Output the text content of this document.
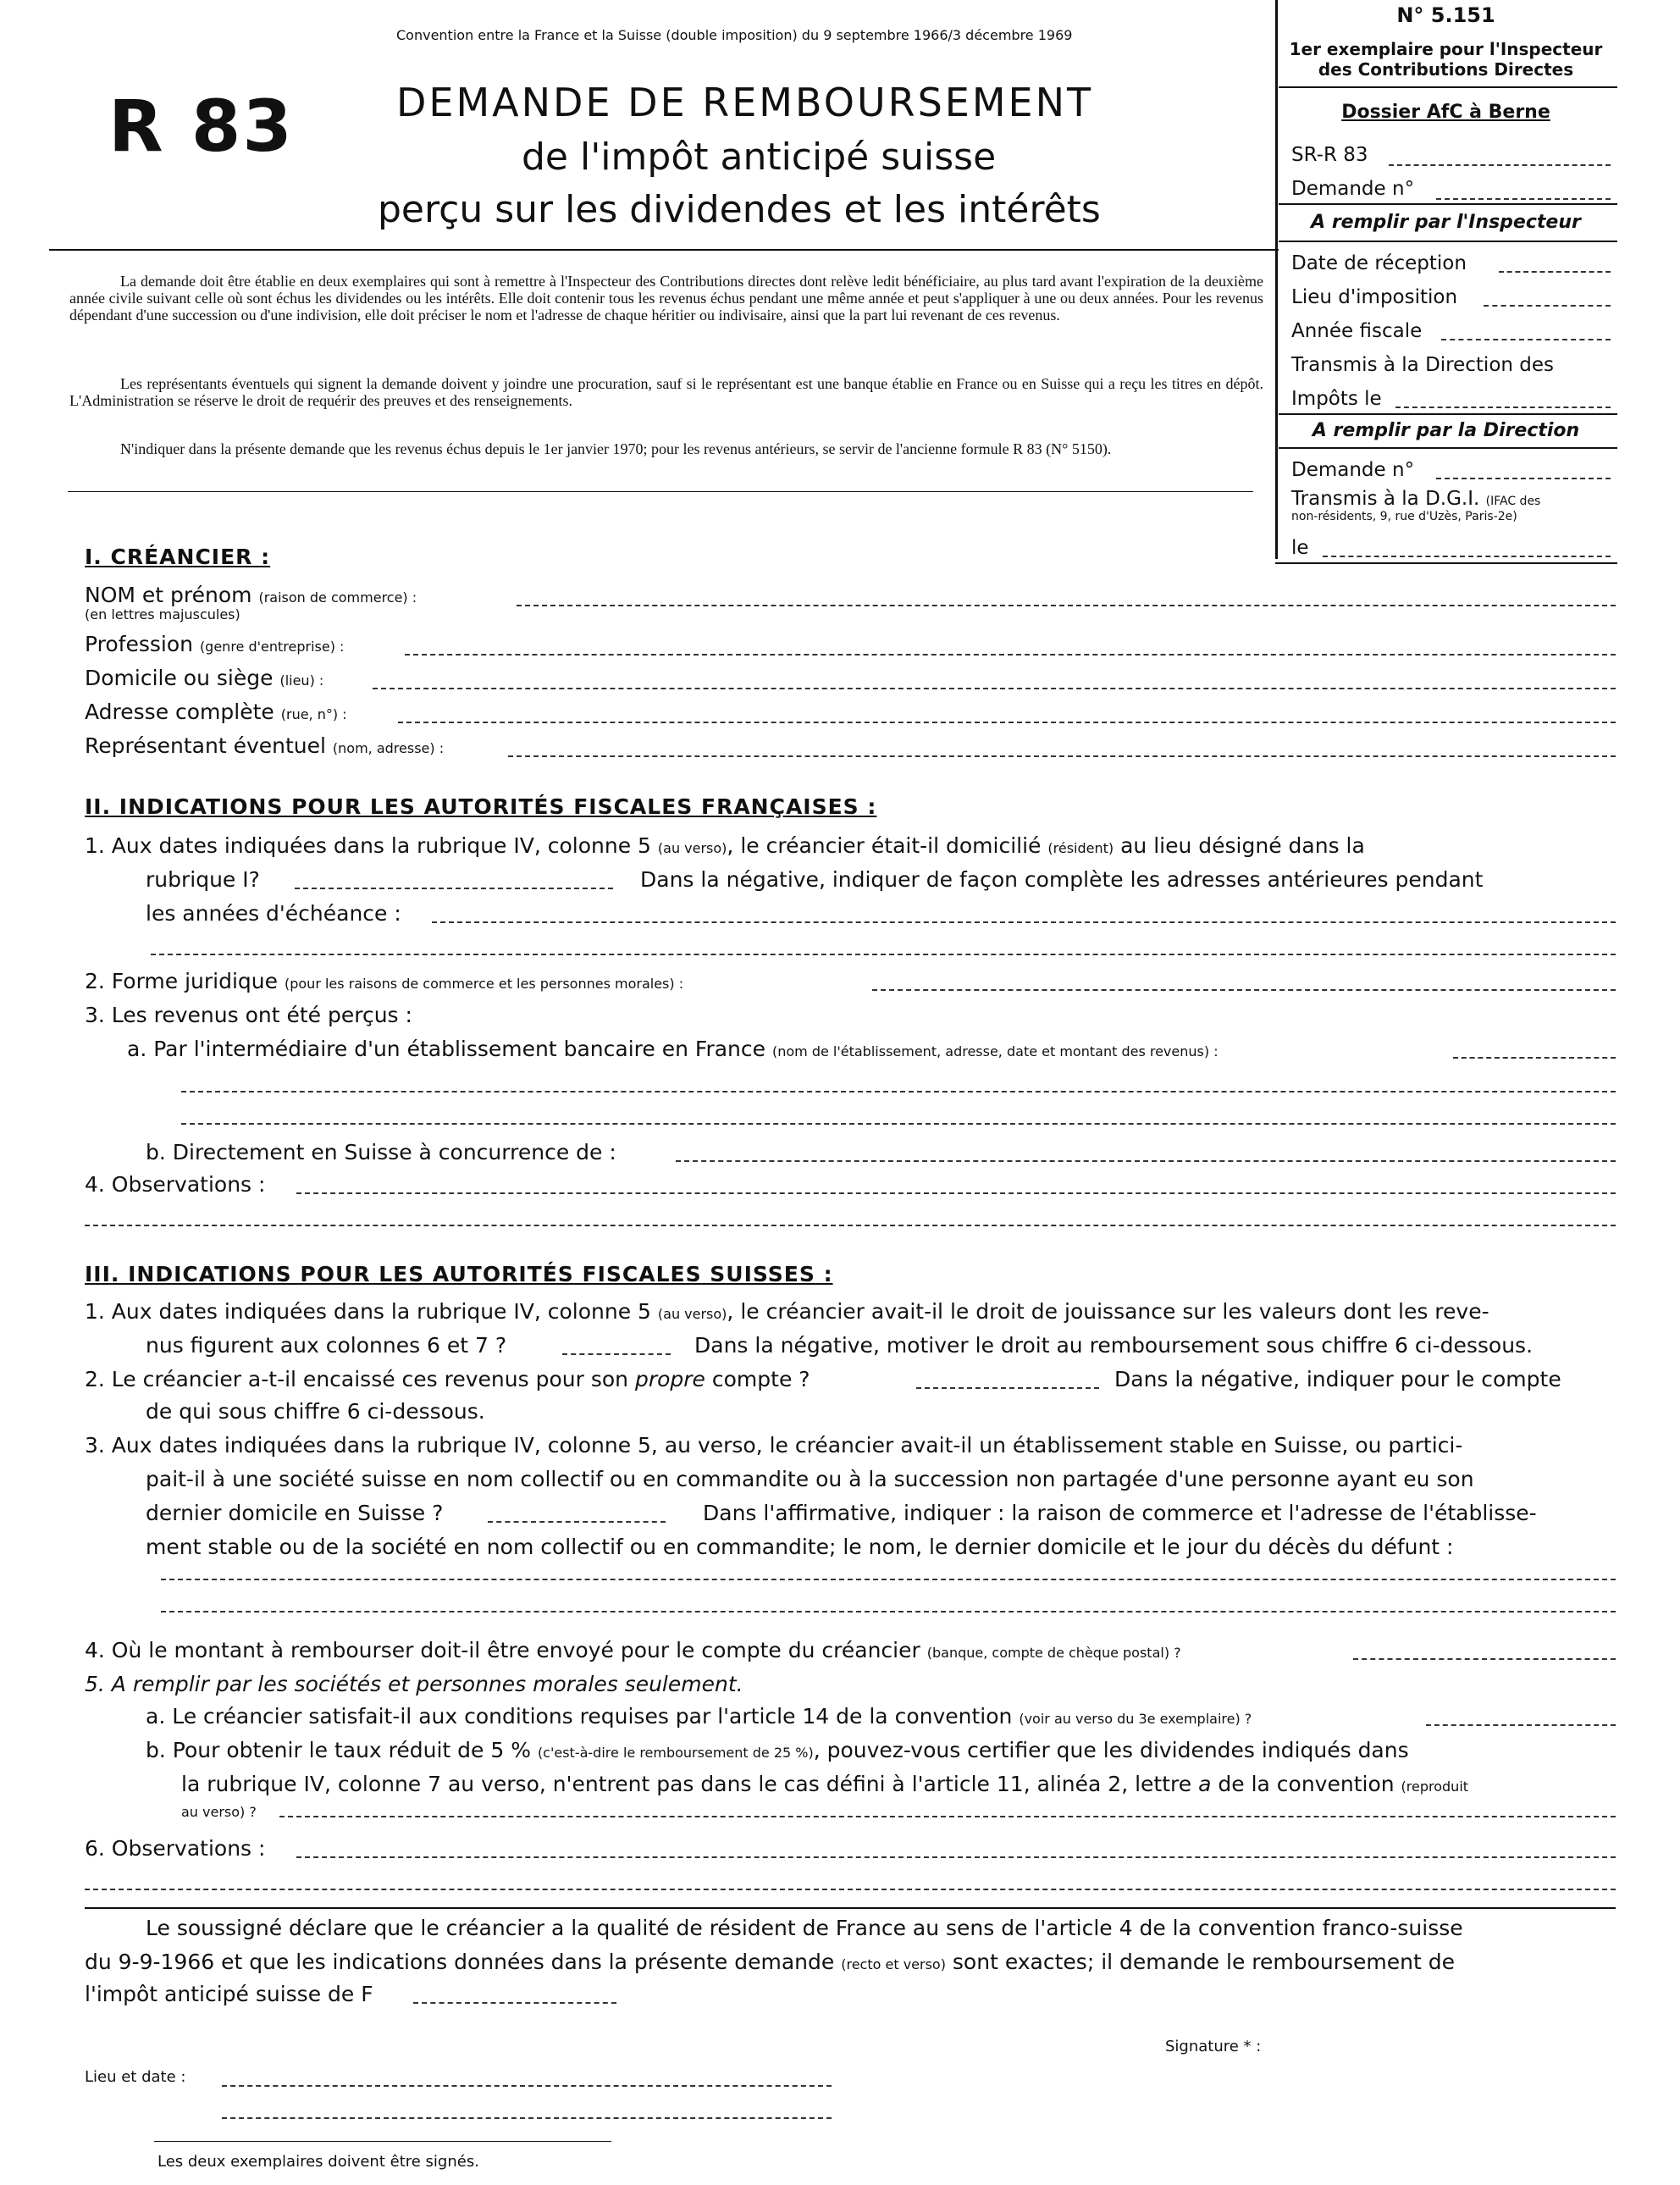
Convention entre la France et la Suisse (double imposition) du 9 septembre 1966/3 décembre 1969
R 83	DEMANDE DE REMBOURSEMENT
de l'impôt anticipé suisse
perçu sur les dividendes et les intérêts
N° 5.151
1er exemplaire pour l'Inspecteur
des Contributions Directes
Dossier AfC à Berne
SR-R 83
Demande n°
A remplir par l'Inspecteur
Date de réception
Lieu d'imposition
Année fiscale
Transmis à la Direction des
Impôts le
A remplir par la Direction
Demande n°
Transmis à la D.G.I. (IFAC des
non-résidents, 9, rue d'Uzès, Paris-2e)
le
La demande doit être établie en deux exemplaires qui sont à remettre à l'Inspecteur des Contributions directes dont relève ledit bénéficiaire, au plus tard avant l'expiration de la deuxième année civile suivant celle où sont échus les dividendes ou les intérêts. Elle doit contenir tous les revenus échus pendant une même année et peut s'appliquer à une ou deux années. Pour les revenus dépendant d'une succession ou d'une indivision, elle doit préciser le nom et l'adresse de chaque héritier ou indivisaire, ainsi que la part lui revenant de ces revenus.
Les représentants éventuels qui signent la demande doivent y joindre une procuration, sauf si le représentant est une banque établie en France ou en Suisse qui a reçu les titres en dépôt. L'Administration se réserve le droit de requérir des preuves et des renseignements.
N'indiquer dans la présente demande que les revenus échus depuis le 1er janvier 1970; pour les revenus antérieurs, se servir de l'ancienne formule R 83 (N° 5150).
I. CRÉANCIER :
NOM et prénom (raison de commerce) :
(en lettres majuscules)
Profession (genre d'entreprise) :
Domicile ou siège (lieu) :
Adresse complète (rue, n°) :
Représentant éventuel (nom, adresse) :
II. INDICATIONS POUR LES AUTORITÉS FISCALES FRANÇAISES :
1. Aux dates indiquées dans la rubrique IV, colonne 5 (au verso), le créancier était-il domicilié (résident) au lieu désigné dans la
rubrique I?	Dans la négative, indiquer de façon complète les adresses antérieures pendant
les années d'échéance :
2. Forme juridique (pour les raisons de commerce et les personnes morales) :
3. Les revenus ont été perçus :
a. Par l'intermédiaire d'un établissement bancaire en France (nom de l'établissement, adresse, date et montant des revenus) :
b. Directement en Suisse à concurrence de :
4. Observations :
III. INDICATIONS POUR LES AUTORITÉS FISCALES SUISSES :
1. Aux dates indiquées dans la rubrique IV, colonne 5 (au verso), le créancier avait-il le droit de jouissance sur les valeurs dont les reve-
nus figurent aux colonnes 6 et 7 ?	Dans la négative, motiver le droit au remboursement sous chiffre 6 ci-dessous.
2. Le créancier a-t-il encaissé ces revenus pour son propre compte ?	Dans la négative, indiquer pour le compte
de qui sous chiffre 6 ci-dessous.
3. Aux dates indiquées dans la rubrique IV, colonne 5, au verso, le créancier avait-il un établissement stable en Suisse, ou partici-
pait-il à une société suisse en nom collectif ou en commandite ou à la succession non partagée d'une personne ayant eu son
dernier domicile en Suisse ?	Dans l'affirmative, indiquer : la raison de commerce et l'adresse de l'établisse-
ment stable ou de la société en nom collectif ou en commandite; le nom, le dernier domicile et le jour du décès du défunt :
4. Où le montant à rembourser doit-il être envoyé pour le compte du créancier (banque, compte de chèque postal) ?
5. A remplir par les sociétés et personnes morales seulement.
a. Le créancier satisfait-il aux conditions requises par l'article 14 de la convention (voir au verso du 3e exemplaire) ?
b. Pour obtenir le taux réduit de 5 % (c'est-à-dire le remboursement de 25 %), pouvez-vous certifier que les dividendes indiqués dans
la rubrique IV, colonne 7 au verso, n'entrent pas dans le cas défini à l'article 11, alinéa 2, lettre a de la convention (reproduit
au verso) ?
6. Observations :
Le soussigné déclare que le créancier a la qualité de résident de France au sens de l'article 4 de la convention franco-suisse
du 9-9-1966 et que les indications données dans la présente demande (recto et verso) sont exactes; il demande le remboursement de
l'impôt anticipé suisse de F
Signature * :
Lieu et date :
Les deux exemplaires doivent être signés.
